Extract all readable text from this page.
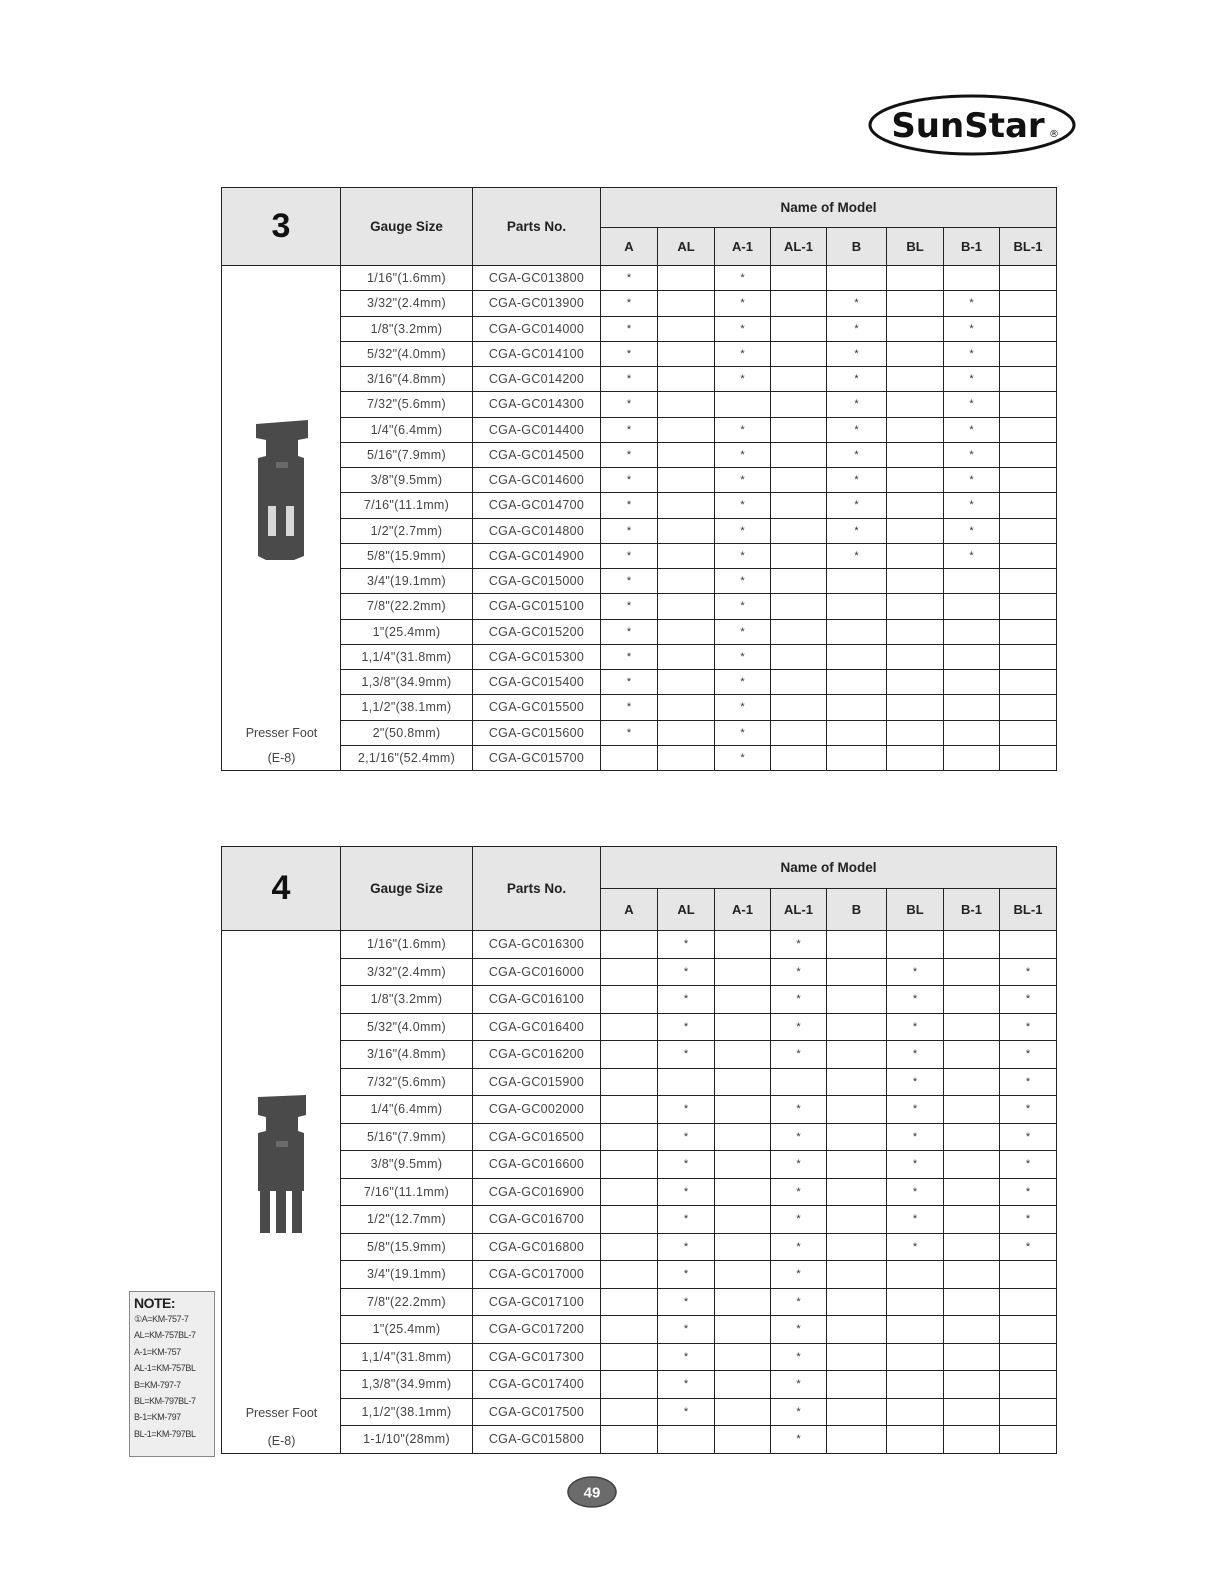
SunStar ®
3	Gauge Size	Parts No.	Name of Model							
			A	AL	A-1	AL-1	B	BL	B-1	BL-1

Presser Foot
(E-8)	1/16"(1.6mm)	CGA-GC013800	*		*					
	3/32"(2.4mm)	CGA-GC013900	*		*		*		*	
	1/8"(3.2mm)	CGA-GC014000	*		*		*		*	
	5/32"(4.0mm)	CGA-GC014100	*		*		*		*	
	3/16"(4.8mm)	CGA-GC014200	*		*		*		*	
	7/32"(5.6mm)	CGA-GC014300	*				*		*	
	1/4"(6.4mm)	CGA-GC014400	*		*		*		*	
	5/16"(7.9mm)	CGA-GC014500	*		*		*		*	
	3/8"(9.5mm)	CGA-GC014600	*		*		*		*	
	7/16"(11.1mm)	CGA-GC014700	*		*		*		*	
	1/2"(2.7mm)	CGA-GC014800	*		*		*		*	
	5/8"(15.9mm)	CGA-GC014900	*		*		*		*	
	3/4"(19.1mm)	CGA-GC015000	*		*					
	7/8"(22.2mm)	CGA-GC015100	*		*					
	1"(25.4mm)	CGA-GC015200	*		*					
	1,1/4"(31.8mm)	CGA-GC015300	*		*					
	1,3/8"(34.9mm)	CGA-GC015400	*		*					
	1,1/2"(38.1mm)	CGA-GC015500	*		*					
	2"(50.8mm)	CGA-GC015600	*		*					
	2,1/16"(52.4mm)	CGA-GC015700			*					
4	Gauge Size	Parts No.	Name of Model							
			A	AL	A-1	AL-1	B	BL	B-1	BL-1

Presser Foot
(E-8)	1/16"(1.6mm)	CGA-GC016300		*		*				
	3/32"(2.4mm)	CGA-GC016000		*		*		*		*
	1/8"(3.2mm)	CGA-GC016100		*		*		*		*
	5/32"(4.0mm)	CGA-GC016400		*		*		*		*
	3/16"(4.8mm)	CGA-GC016200		*		*		*		*
	7/32"(5.6mm)	CGA-GC015900						*		*
	1/4"(6.4mm)	CGA-GC002000		*		*		*		*
	5/16"(7.9mm)	CGA-GC016500		*		*		*		*
	3/8"(9.5mm)	CGA-GC016600		*		*		*		*
	7/16"(11.1mm)	CGA-GC016900		*		*		*		*
	1/2"(12.7mm)	CGA-GC016700		*		*		*		*
	5/8"(15.9mm)	CGA-GC016800		*		*		*		*
	3/4"(19.1mm)	CGA-GC017000		*		*				
	7/8"(22.2mm)	CGA-GC017100		*		*				
	1"(25.4mm)	CGA-GC017200		*		*				
	1,1/4"(31.8mm)	CGA-GC017300		*		*				
	1,3/8"(34.9mm)	CGA-GC017400		*		*				
	1,1/2"(38.1mm)	CGA-GC017500		*		*				
	1-1/10"(28mm)	CGA-GC015800				*				
NOTE:
①A=KM-757-7
AL=KM-757BL-7
A-1=KM-757
AL-1=KM-757BL
B=KM-797-7
BL=KM-797BL-7
B-1=KM-797
BL-1=KM-797BL
49
